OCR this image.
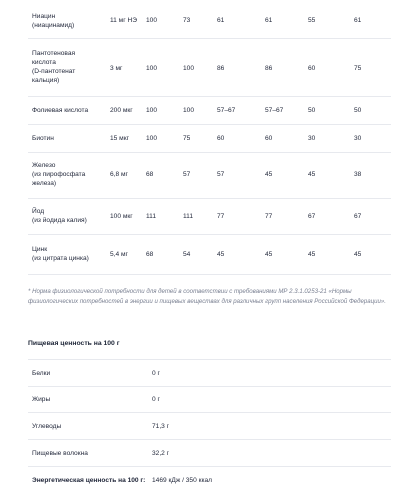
Ниацин
(ниацинамид)
11 мг НЭ 100	73	61	61	55	61
Пантотеновая
кислота
(D-пантотенат
кальция)
3 мг	100	100	86	86	60	75
Фолиевая кислота	200 мкг 100	100	57–67	57–67	50	50
Биотин	15 мкг	100	75	60	60	30	30
Железо
(из пирофосфата
железа)
6,8 мг	68	57	57	45	45	38
Йод
(из йодида калия)
100 мкг 111	111	77	77	67	67
Цинк
(из цитрата цинка)
5,4 мг	68	54	45	45	45	45
* Норма физиологической потребности для детей в соответствии с требованиями МР 2.3.1.0253-21 «Нормы физиологических потребностей в энергии и пищевых веществах для различных групп населения Российской Федерации».
Пищевая ценность на 100 г
Белки	0 г
Жиры	0 г
Углеводы	71,3 г
Пищевые волокна	32,2 г
Энергетическая ценность на 100 г: 1469 кДж / 350 ккал
